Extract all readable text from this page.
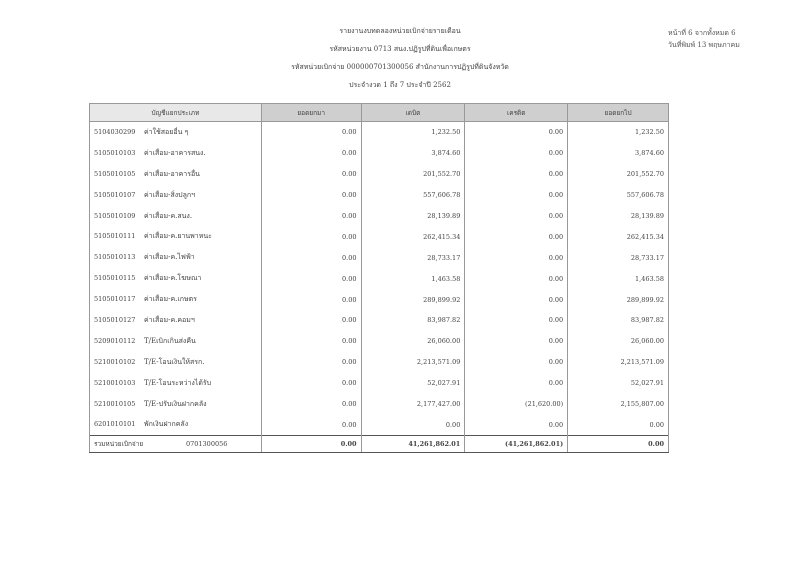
รายงานงบทดลองหน่วยเบิกจ่ายรายเดือน
รหัสหน่วยงาน 0713 สนง.ปฏิรูปที่ดินเพื่อเกษตร
รหัสหน่วยเบิกจ่าย 000000701300056 สำนักงานการปฏิรูปที่ดินจังหวัด
ประจำงวด 1 ถึง 7 ประจำปี 2562
หน้าที่ 6 จากทั้งหมด 6
วันที่พิมพ์ 13 พฤษภาคม
บัญชีแยกประเภท	ยอดยกมา	เดบิต	เครดิต	ยอดยกไป
5104030299 ค่าใช้สอยอื่น ๆ	0.00	1,232.50	0.00	1,232.50
5105010103 ค่าเสื่อม-อาคารสนง.	0.00	3,874.60	0.00	3,874.60
5105010105 ค่าเสื่อม-อาคารอื่น	0.00	201,552.70	0.00	201,552.70
5105010107 ค่าเสื่อม-สิ่งปลูกฯ	0.00	557,606.78	0.00	557,606.78
5105010109 ค่าเสื่อม-ค.สนง.	0.00	28,139.89	0.00	28,139.89
5105010111 ค่าเสื่อม-ค.ยานพาหนะ	0.00	262,415.34	0.00	262,415.34
5105010113 ค่าเสื่อม-ค.ไฟฟ้า	0.00	28,733.17	0.00	28,733.17
5105010115 ค่าเสื่อม-ค.โฆษณา	0.00	1,463.58	0.00	1,463.58
5105010117 ค่าเสื่อม-ค.เกษตร	0.00	289,899.92	0.00	289,899.92
5105010127 ค่าเสื่อม-ค.คอมฯ	0.00	83,987.82	0.00	83,987.82
5209010112 T/Eเบิกเกินส่งคืน	0.00	26,060.00	0.00	26,060.00
5210010102 T/E-โอนเงินให้สรก.	0.00	2,213,571.09	0.00	2,213,571.09
5210010103 T/E-โอนระหว่างได้รับ	0.00	52,027.91	0.00	52,027.91
5210010105 T/E-ปรับเงินฝากคลัง	0.00	2,177,427.00	(21,620.00)	2,155,807.00
6201010101 พักเงินฝากคลัง	0.00	0.00	0.00	0.00
รวมหน่วยเบิกจ่าย 0701300056	0.00	41,261,862.01	(41,261,862.01)	0.00
